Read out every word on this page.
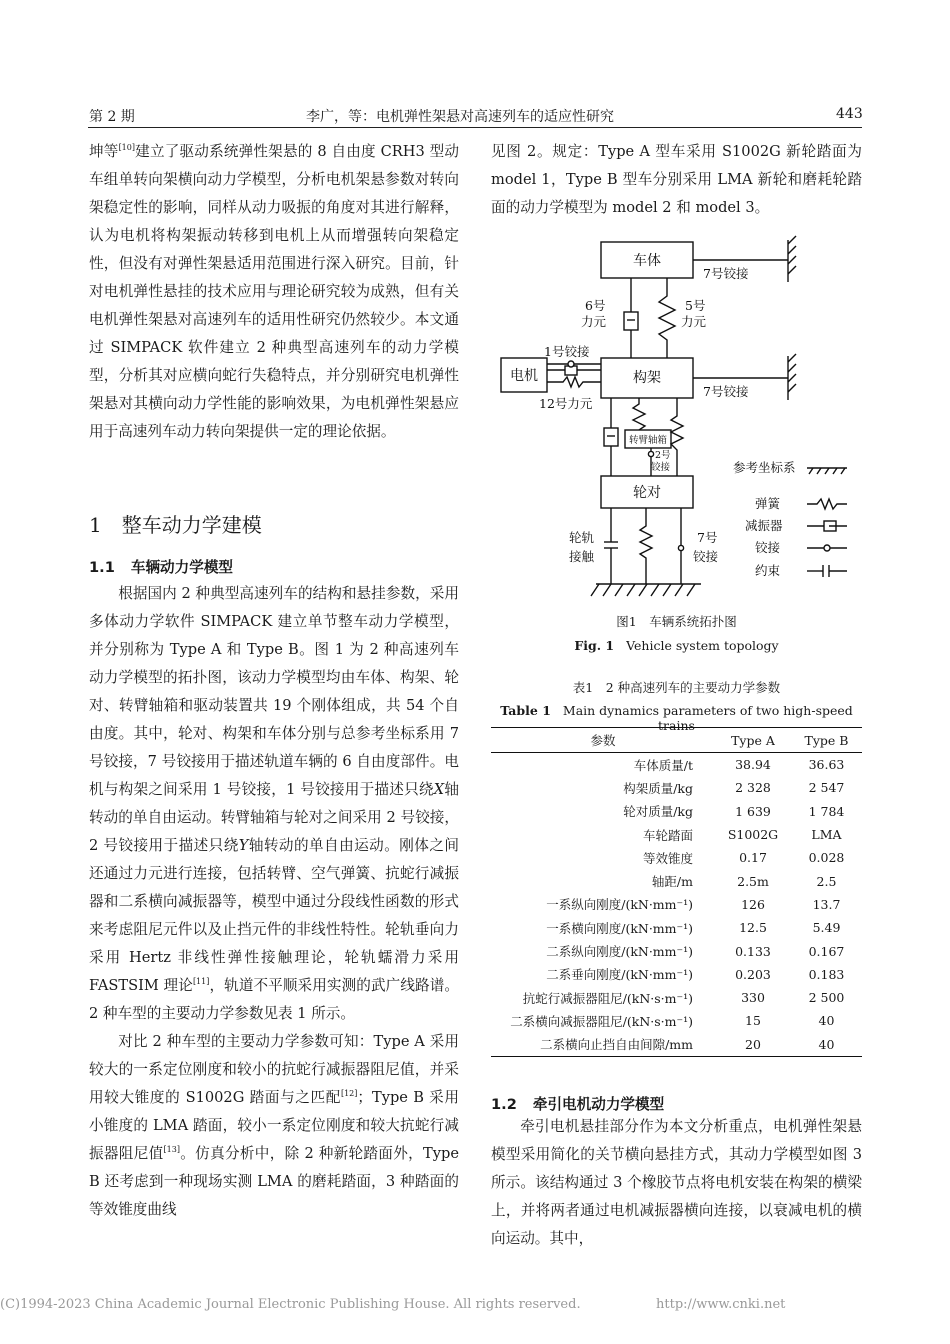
第 2 期	李广，等：电机弹性架悬对高速列车的适应性研究	443

坤等[10]建立了驱动系统弹性架悬的 8 自由度 CRH3 型动车组单转向架横向动力学模型，分析电机架悬参数对转向架稳定性的影响，同样从动力吸振的角度对其进行解释，认为电机将构架振动转移到电机上从而增强转向架稳定性，但没有对弹性架悬适用范围进行深入研究。目前，针对电机弹性悬挂的技术应用与理论研究较为成熟，但有关电机弹性架悬对高速列车的适用性研究仍然较少。本文通过 SIMPACK 软件建立 2 种典型高速列车的动力学模型，分析其对应横向蛇行失稳特点，并分别研究电机弹性架悬对其横向动力学性能的影响效果，为电机弹性架悬应用于高速列车动力转向架提供一定的理论依据。

1 整车动力学建模
1.1 车辆动力学模型

根据国内 2 种典型高速列车的结构和悬挂参数，采用多体动力学软件 SIMPACK 建立单节整车动力学模型，并分别称为 Type A 和 Type B。图 1 为 2 种高速列车动力学模型的拓扑图，该动力学模型均由车体、构架、轮对、转臂轴箱和驱动装置共 19 个刚体组成，共 54 个自由度。其中，轮对、构架和车体分别与总参考坐标系用 7 号铰接，7 号铰接用于描述轨道车辆的 6 自由度部件。电机与构架之间采用 1 号铰接，1 号铰接用于描述只绕X轴转动的单自由运动。转臂轴箱与轮对之间采用 2 号铰接，2 号铰接用于描述只绕Y轴转动的单自由运动。刚体之间还通过力元进行连接，包括转臂、空气弹簧、抗蛇行减振器和二系横向减振器等，模型中通过分段线性函数的形式来考虑阻尼元件以及止挡元件的非线性特性。轮轨垂向力采用 Hertz 非线性弹性接触理论，轮轨蠕滑力采用 FASTSIM 理论[11]，轨道不平顺采用实测的武广线路谱。2 种车型的主要动力学参数见表 1 所示。

对比 2 种车型的主要动力学参数可知：Type A 采用较大的一系定位刚度和较小的抗蛇行减振器阻尼值，并采用较大锥度的 S1002G 踏面与之匹配[12]；Type B 采用小锥度的 LMA 踏面，较小一系定位刚度和较大抗蛇行减振器阻尼值[13]。仿真分析中，除 2 种新轮踏面外，Type B 还考虑到一种现场实测 LMA 的磨耗踏面，3 种踏面的等效锥度曲线

见图 2。规定：Type A 型车采用 S1002G 新轮踏面为 model 1，Type B 型车分别采用 LMA 新轮和磨耗轮踏面的动力学模型为 model 2 和 model 3。

车体
7号铰接
6号
力元
5号
力元
1号铰接
构架
电机
7号铰接
12号力元
转臂轴箱
2号
铰接
轮对
轮轨
接触
7号
铰接
参考坐标系
弹簧
减振器
铰接
约束
图1　车辆系统拓扑图
Fig. 1 Vehicle system topology
表1　2 种高速列车的主要动力学参数
Table 1 Main dynamics parameters of two high-speed trains
参数	Type A	Type B
车体质量/t	38.94	36.63
构架质量/kg	2 328	2 547
轮对质量/kg	1 639	1 784
车轮踏面	S1002G	LMA
等效锥度	0.17	0.028
轴距/m	2.5m	2.5
一系纵向刚度/(kN·mm⁻¹)	126	13.7
一系横向刚度/(kN·mm⁻¹)	12.5	5.49
二系纵向刚度/(kN·mm⁻¹)	0.133	0.167
二系垂向刚度/(kN·mm⁻¹)	0.203	0.183
抗蛇行减振器阻尼/(kN·s·m⁻¹)	330	2 500
二系横向减振器阻尼/(kN·s·m⁻¹)	15	40
二系横向止挡自由间隙/mm	20	40
1.2 牵引电机动力学模型

牵引电机悬挂部分作为本文分析重点，电机弹性架悬模型采用简化的关节横向悬挂方式，其动力学模型如图 3 所示。该结构通过 3 个橡胶节点将电机安装在构架的横梁上，并将两者通过电机减振器横向连接，以衰减电机的横向运动。其中，

(C)1994-2023 China Academic Journal Electronic Publishing House. All rights reserved.	http://www.cnki.net
